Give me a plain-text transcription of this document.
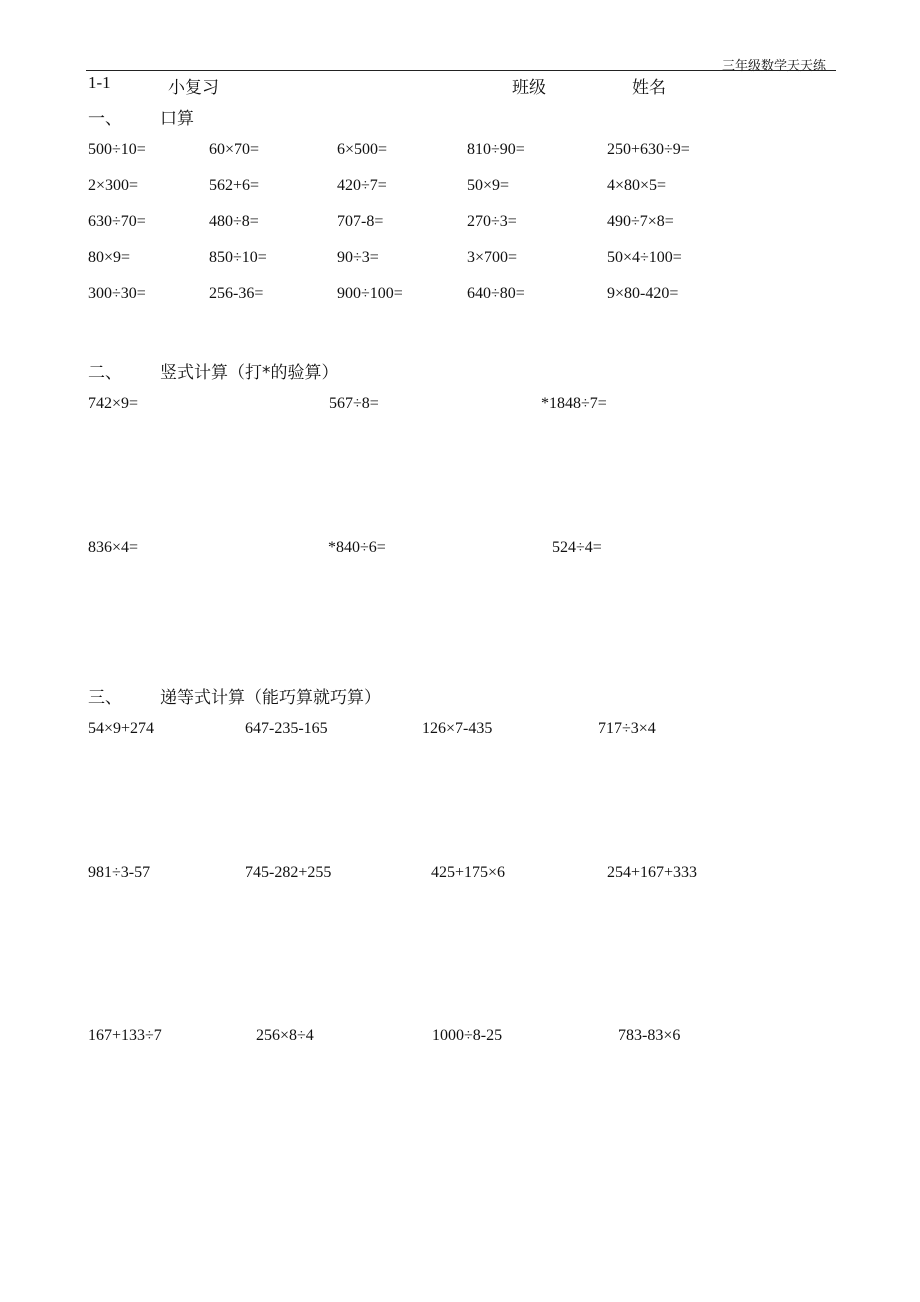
三年级数学天天练
1-1	小复习	班级	姓名
一、 口算
500÷10=	60×70=	6×500=	810÷90=	250+630÷9=
2×300=	562+6=	420÷7=	50×9=	4×80×5=
630÷70=	480÷8=	707-8=	270÷3=	490÷7×8=
80×9=	850÷10=	90÷3=	3×700=	50×4÷100=
300÷30=	256-36=	900÷100=	640÷80=	9×80-420=
二、 竖式计算（打*的验算）
742×9=	567÷8=	*1848÷7=
836×4=	*840÷6=	524÷4=
三、 递等式计算（能巧算就巧算）
54×9+274	647-235-165	126×7-435	717÷3×4
981÷3-57	745-282+255	425+175×6	254+167+333
167+133÷7	256×8÷4	1000÷8-25	783-83×6
